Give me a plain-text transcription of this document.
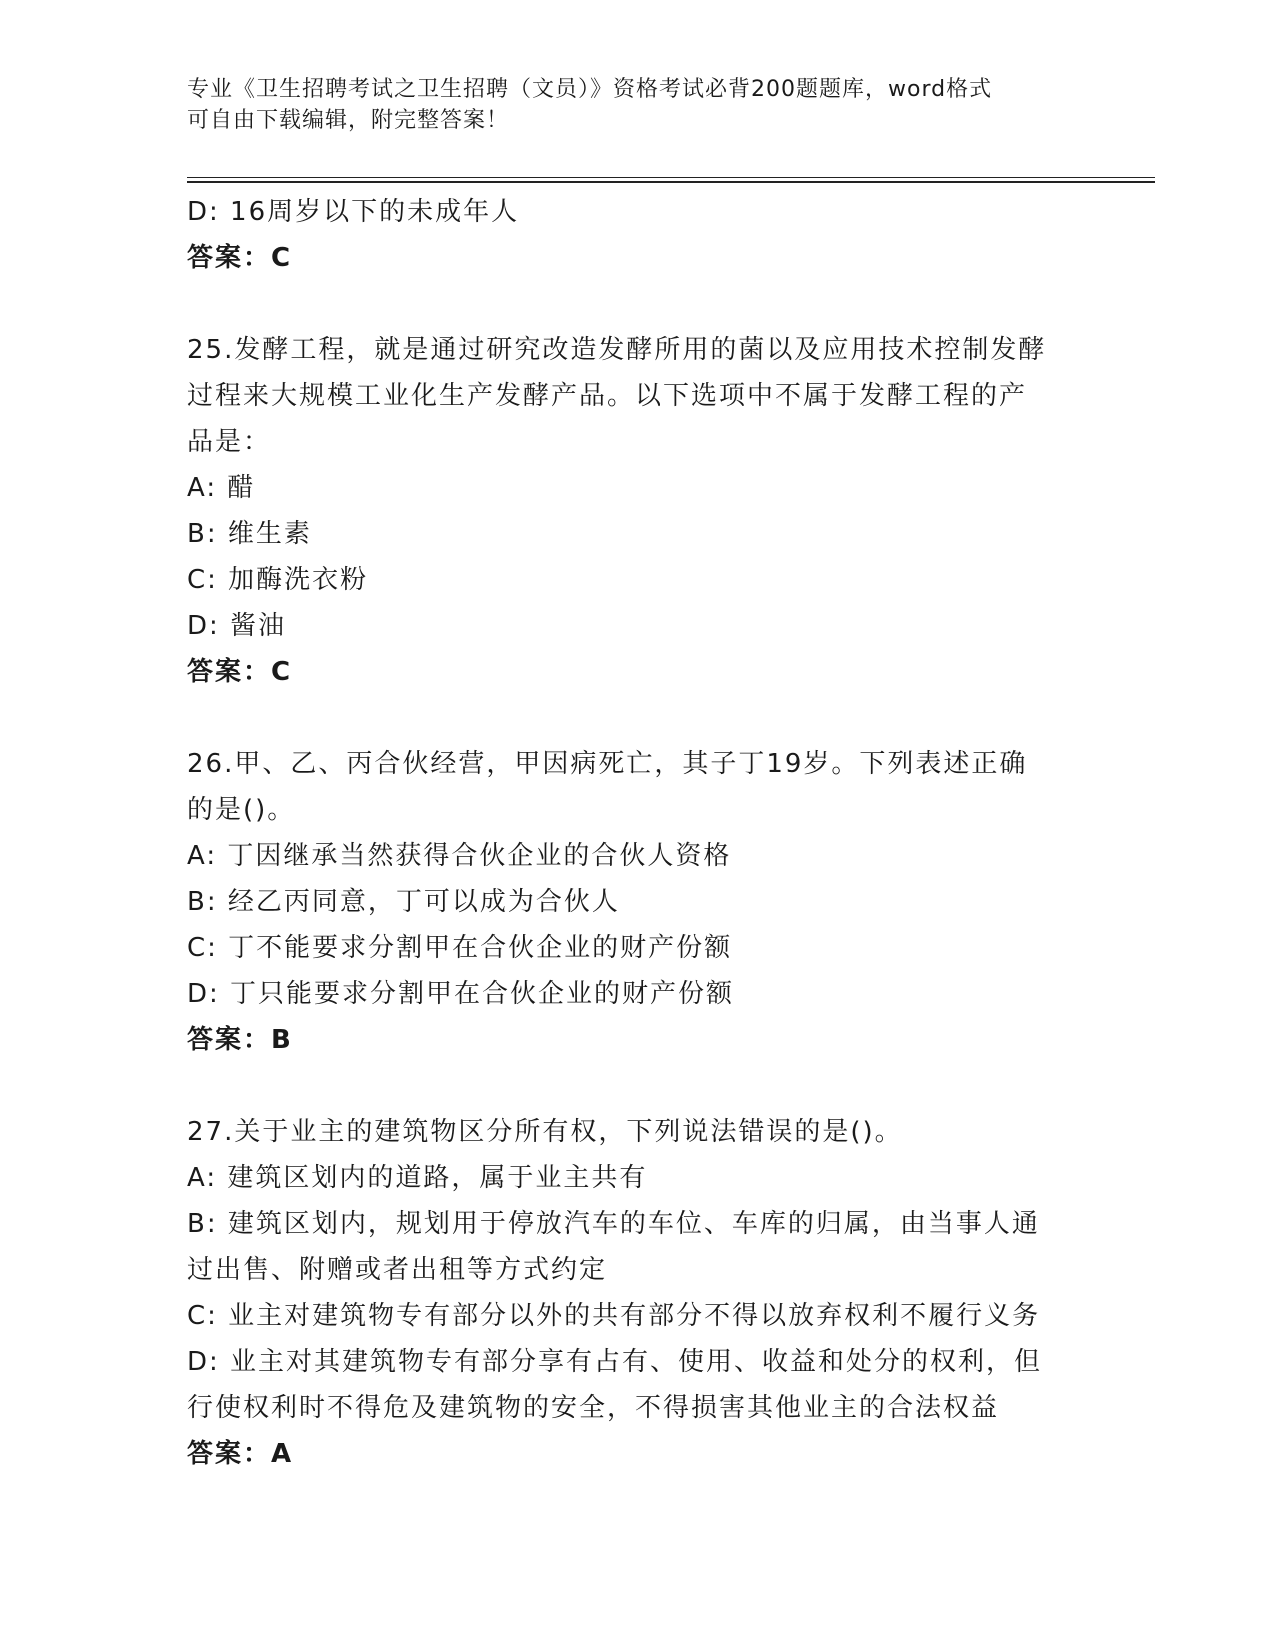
专业《卫生招聘考试之卫生招聘（文员）》资格考试必背200题题库，word格式
可自由下载编辑，附完整答案！
D: 16周岁以下的未成年人
答案：C
25.发酵工程，就是通过研究改造发酵所用的菌以及应用技术控制发酵
过程来大规模工业化生产发酵产品。以下选项中不属于发酵工程的产
品是：
A: 醋
B: 维生素
C: 加酶洗衣粉
D: 酱油
答案：C
26.甲、乙、丙合伙经营，甲因病死亡，其子丁19岁。下列表述正确
的是()。
A: 丁因继承当然获得合伙企业的合伙人资格
B: 经乙丙同意，丁可以成为合伙人
C: 丁不能要求分割甲在合伙企业的财产份额
D: 丁只能要求分割甲在合伙企业的财产份额
答案：B
27.关于业主的建筑物区分所有权，下列说法错误的是()。
A: 建筑区划内的道路，属于业主共有
B: 建筑区划内，规划用于停放汽车的车位、车库的归属，由当事人通
过出售、附赠或者出租等方式约定
C: 业主对建筑物专有部分以外的共有部分不得以放弃权利不履行义务
D: 业主对其建筑物专有部分享有占有、使用、收益和处分的权利，但
行使权利时不得危及建筑物的安全，不得损害其他业主的合法权益
答案：A
